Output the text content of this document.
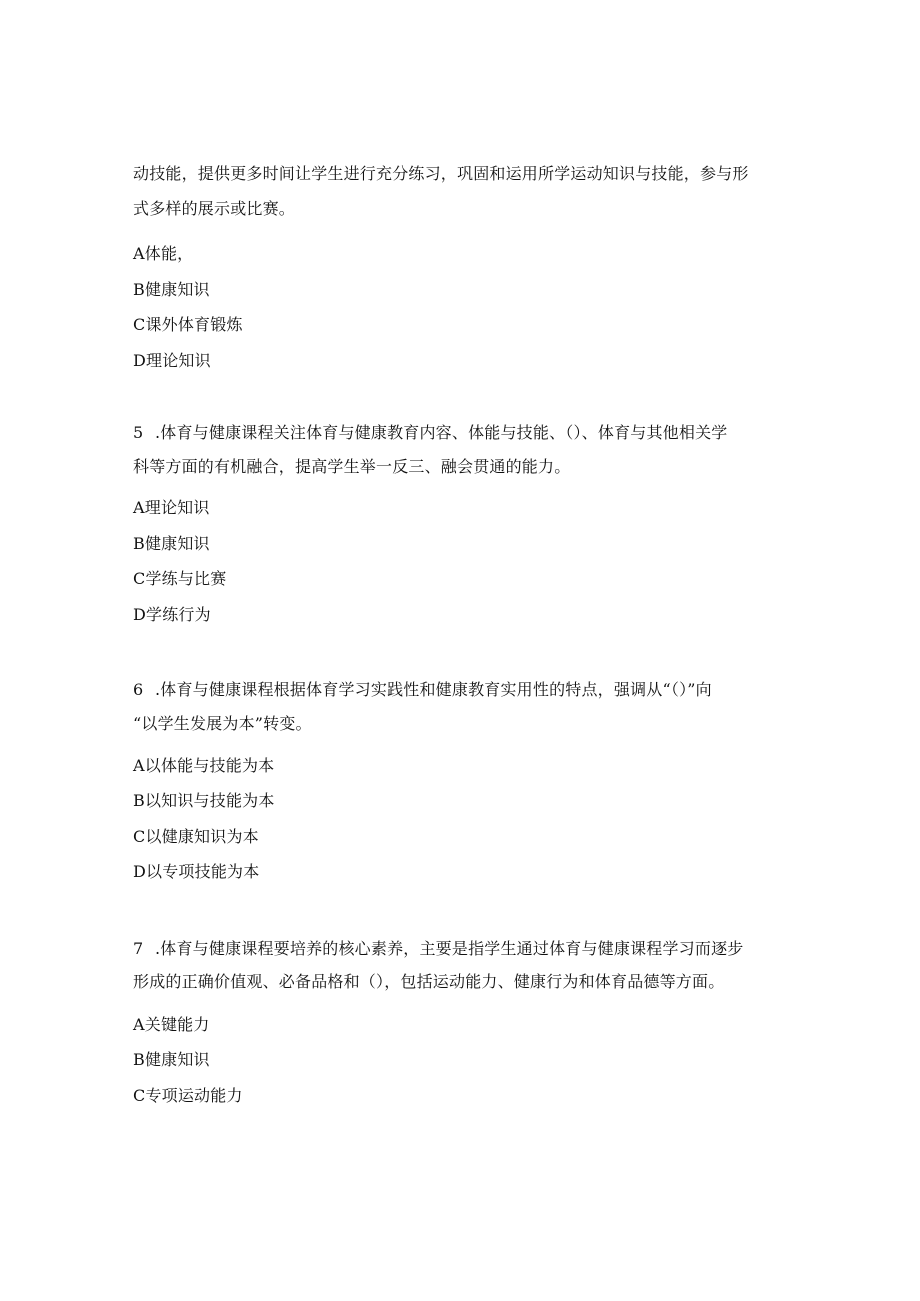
动技能，提供更多时间让学生进行充分练习，巩固和运用所学运动知识与技能，参与形
式多样的展示或比赛。
A体能，
B健康知识
C课外体育锻炼
D理论知识
5 .体育与健康课程关注体育与健康教育内容、体能与技能、（）、体育与其他相关学
科等方面的有机融合，提高学生举一反三、融会贯通的能力。
A理论知识
B健康知识
C学练与比赛
D学练行为
6 .体育与健康课程根据体育学习实践性和健康教育实用性的特点，强调从“（）”向
“以学生发展为本”转变。
A以体能与技能为本
B以知识与技能为本
C以健康知识为本
D以专项技能为本
7 .体育与健康课程要培养的核心素养，主要是指学生通过体育与健康课程学习而逐步
形成的正确价值观、必备品格和（），包括运动能力、健康行为和体育品德等方面。
A关键能力
B健康知识
C专项运动能力
